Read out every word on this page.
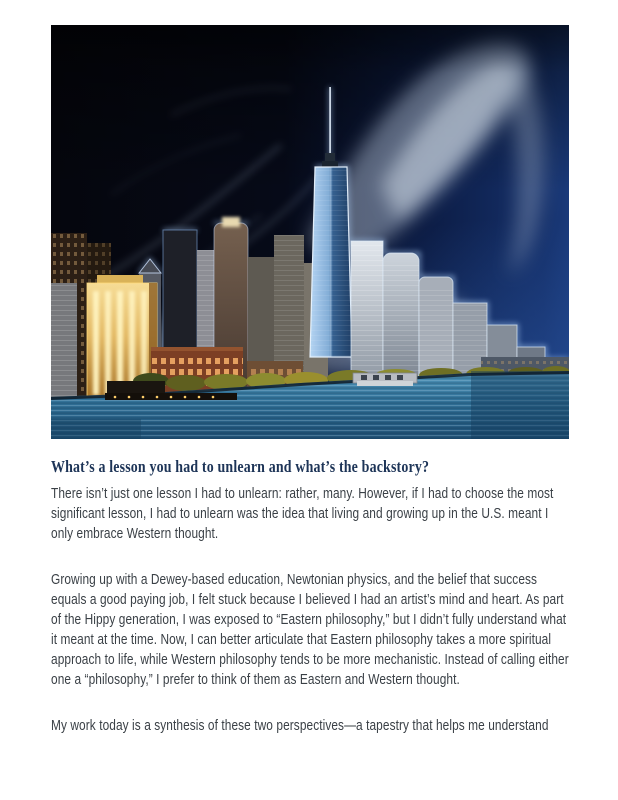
What’s a lesson you had to unlearn and what’s the backstory?

There isn’t just one lesson I had to unlearn: rather, many. However, if I had to choose the most significant lesson, I had to unlearn was the idea that living and growing up in the U.S. meant I only embrace Western thought.

Growing up with a Dewey-based education, Newtonian physics, and the belief that success equals a good paying job, I felt stuck because I believed I had an artist’s mind and heart. As part of the Hippy generation, I was exposed to “Eastern philosophy,” but I didn’t fully understand what it meant at the time. Now, I can better articulate that Eastern philosophy takes a more spiritual approach to life, while Western philosophy tends to be more mechanistic. Instead of calling either one a “philosophy,” I prefer to think of them as Eastern and Western thought.

My work today is a synthesis of these two perspectives—a tapestry that helps me understand
